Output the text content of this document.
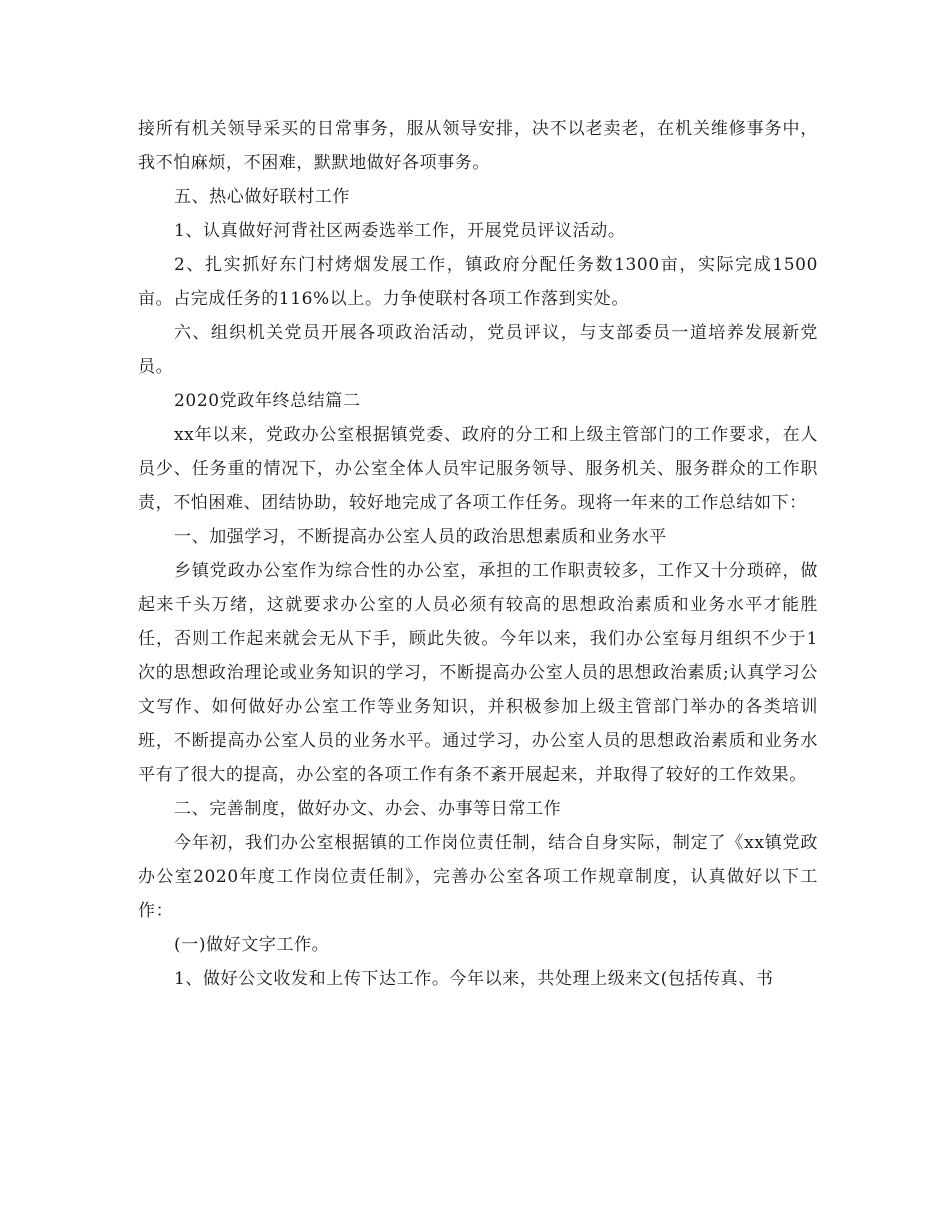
接所有机关领导采买的日常事务，服从领导安排，决不以老卖老，在机关维修事务中，我不怕麻烦，不困难，默默地做好各项事务。

五、热心做好联村工作

1、认真做好河背社区两委选举工作，开展党员评议活动。

2、扎实抓好东门村烤烟发展工作，镇政府分配任务数1300亩，实际完成1500亩。占完成任务的116%以上。力争使联村各项工作落到实处。

六、组织机关党员开展各项政治活动，党员评议，与支部委员一道培养发展新党员。

2020党政年终总结篇二

xx年以来，党政办公室根据镇党委、政府的分工和上级主管部门的工作要求，在人员少、任务重的情况下，办公室全体人员牢记服务领导、服务机关、服务群众的工作职责，不怕困难、团结协助，较好地完成了各项工作任务。现将一年来的工作总结如下：

一、加强学习，不断提高办公室人员的政治思想素质和业务水平

乡镇党政办公室作为综合性的办公室，承担的工作职责较多，工作又十分琐碎，做起来千头万绪，这就要求办公室的人员必须有较高的思想政治素质和业务水平才能胜任，否则工作起来就会无从下手，顾此失彼。今年以来，我们办公室每月组织不少于1次的思想政治理论或业务知识的学习，不断提高办公室人员的思想政治素质;认真学习公文写作、如何做好办公室工作等业务知识，并积极参加上级主管部门举办的各类培训班，不断提高办公室人员的业务水平。通过学习，办公室人员的思想政治素质和业务水平有了很大的提高，办公室的各项工作有条不紊开展起来，并取得了较好的工作效果。

二、完善制度，做好办文、办会、办事等日常工作

今年初，我们办公室根据镇的工作岗位责任制，结合自身实际，制定了《xx镇党政办公室2020年度工作岗位责任制》，完善办公室各项工作规章制度，认真做好以下工作：

(一)做好文字工作。

1、做好公文收发和上传下达工作。今年以来，共处理上级来文(包括传真、书
